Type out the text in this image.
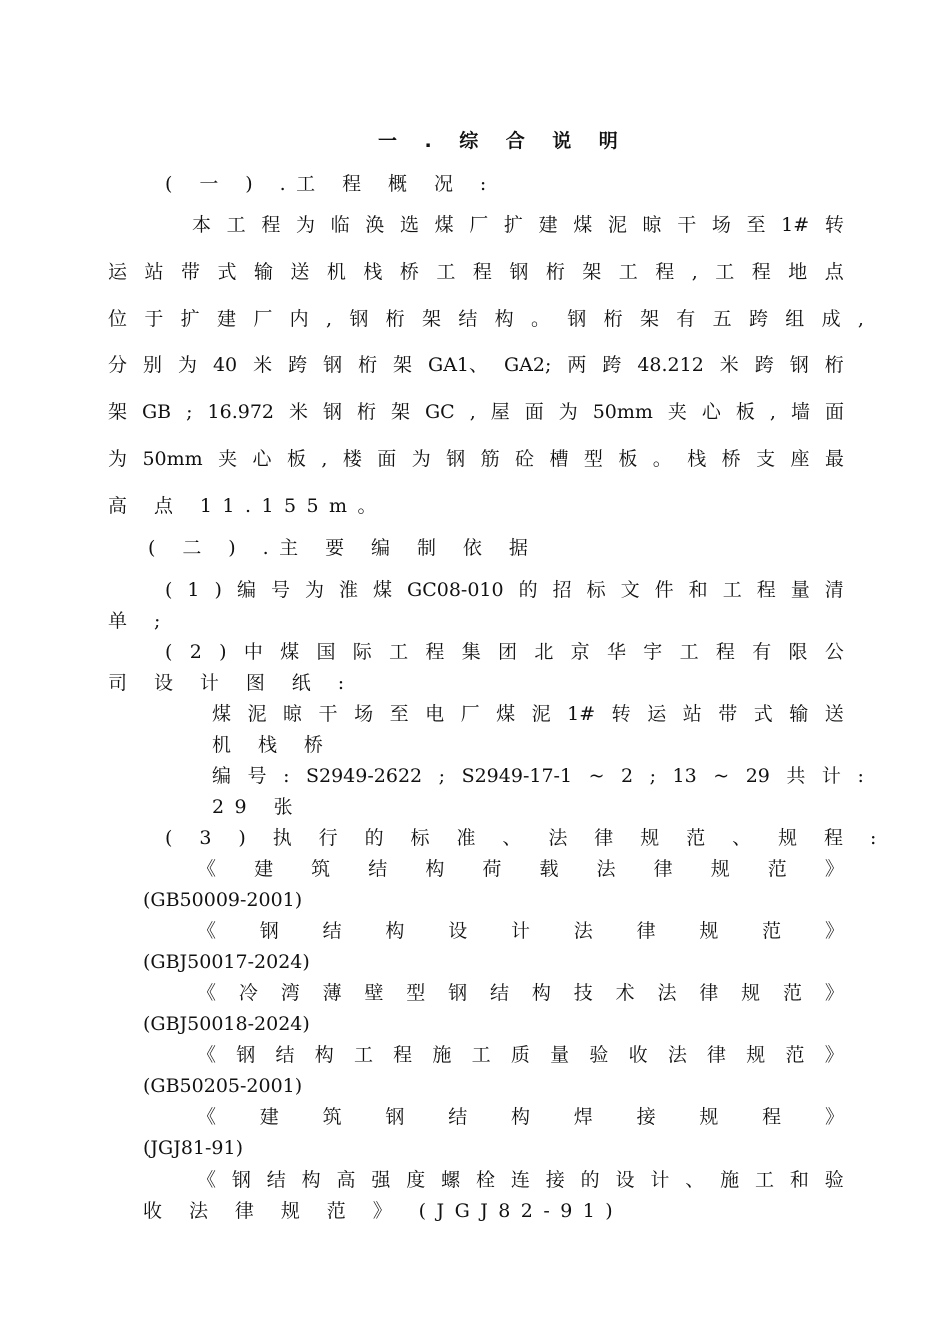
一 . 综 合 说 明
( 一 ) .工 程 概 况 :
本 工 程 为 临 涣 选 煤 厂 扩 建 煤 泥 晾 干 场 至 1# 转
运 站 带 式 输 送 机 栈 桥 工 程 钢 桁 架 工 程 , 工 程 地 点
位 于 扩 建 厂 内 , 钢 桁 架 结 构 。 钢 桁 架 有 五 跨 组 成 ,
分 别 为 40 米 跨 钢 桁 架 GA1、 GA2; 两 跨 48.212 米 跨 钢 桁
架 GB ; 16.972 米 钢 桁 架 GC , 屋 面 为 50mm 夹 心 板 , 墙 面
为 50mm 夹 心 板 , 楼 面 为 钢 筋 砼 槽 型 板 。 栈 桥 支 座 最
高 点 11.155m。
( 二 ) .主 要 编 制 依 据
( 1 ) 编 号 为 淮 煤 GC08-010 的 招 标 文 件 和 工 程 量 清
单 ;
( 2 ) 中 煤 国 际 工 程 集 团 北 京 华 宇 工 程 有 限 公
司 设 计 图 纸 :
煤 泥 晾 干 场 至 电 厂 煤 泥 1# 转 运 站 带 式 输 送
机 栈 桥
编 号 : S2949-2622 ; S2949-17-1 ~ 2 ; 13 ~ 29 共 计 :
29 张
( 3 ) 执 行 的 标 准 、 法 律 规 范 、 规 程 :
《 建 筑 结 构 荷 载 法 律 规 范 》
(GB50009-2001)
《 钢 结 构 设 计 法 律 规 范 》
(GBJ50017-2024)
《 冷 湾 薄 壁 型 钢 结 构 技 术 法 律 规 范 》
(GBJ50018-2024)
《 钢 结 构 工 程 施 工 质 量 验 收 法 律 规 范 》
(GB50205-2001)
《 建 筑 钢 结 构 焊 接 规 程 》
(JGJ81-91)
《 钢 结 构 高 强 度 螺 栓 连 接 的 设 计 、 施 工 和 验
收 法 律 规 范 》 (JGJ82-91)
